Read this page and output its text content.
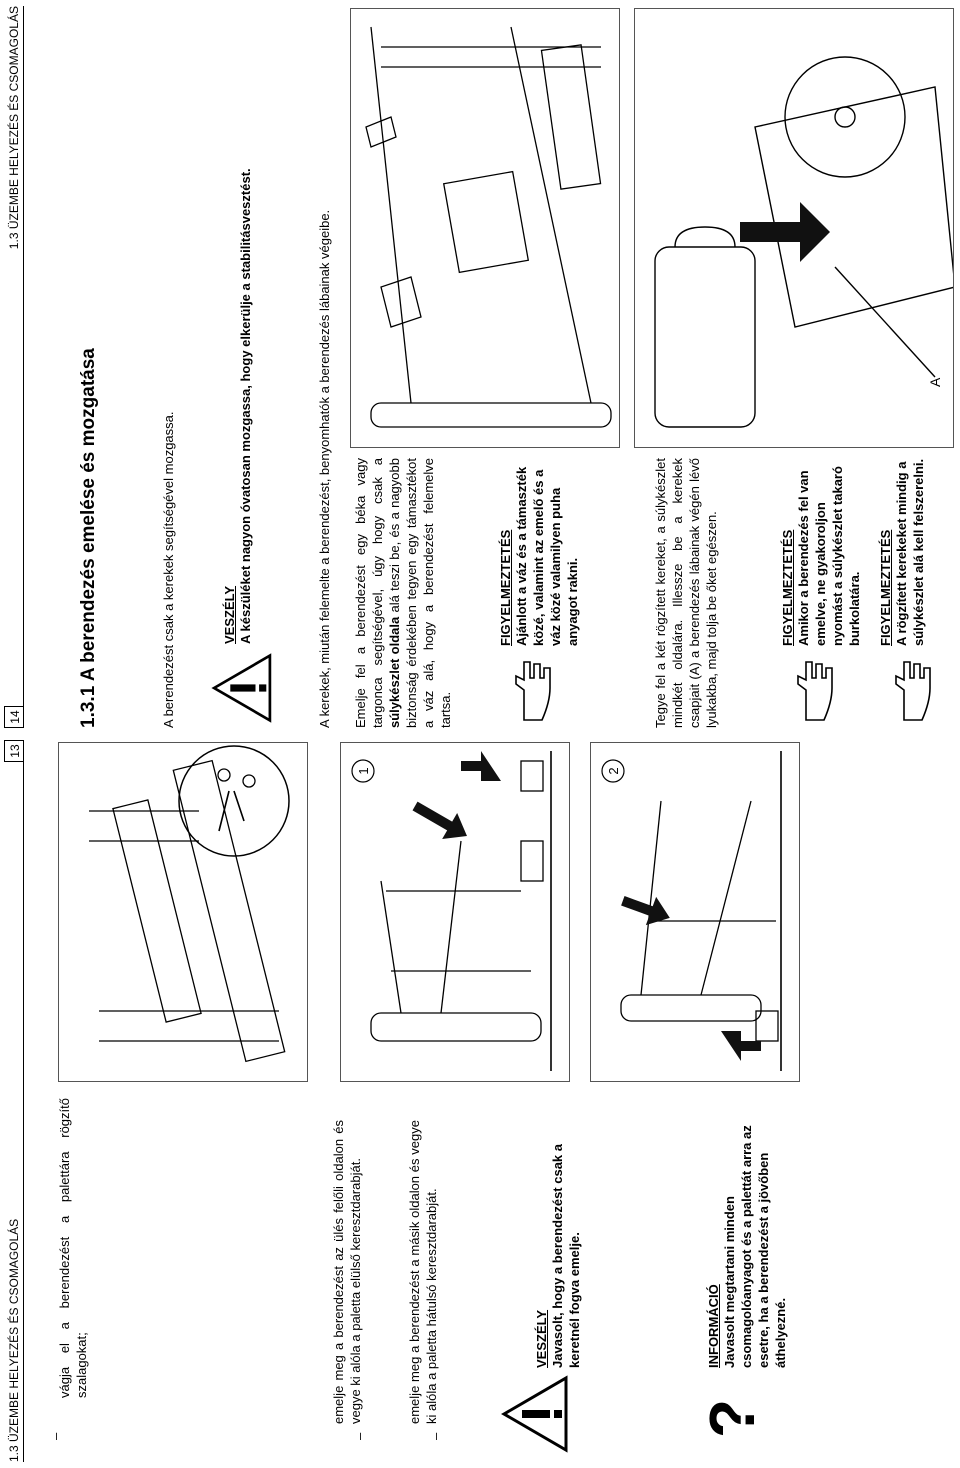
1.3 ÜZEMBE HELYEZÉS ÉS CSOMAGOLÁS
13
–
vágja el a berendezést a palettára rögzítő szalagokat;
–
emelje meg a berendezést az ülés felőli oldalon és vegye ki alóla a paletta elülső keresztdarabját.
–
emelje meg a berendezést a másik oldalon és vegye ki alóla a paletta hátulsó keresztdarabját.
1	2
VESZÉLY Javasolt, hogy a berendezést csak a keretnél fogva emelje.
?
INFORMÁCIÓ Javasolt megtartani minden csomagolóanyagot és a palettát arra az esetre, ha a berendezést a jövőben áthelyezné.
14
1.3 ÜZEMBE HELYEZÉS ÉS CSOMAGOLÁS
1.3.1 A berendezés emelése és mozgatása	A berendezést csak a kerekek segítségével mozgassa.	VESZÉLY A készüléket nagyon óvatosan mozgassa, hogy elkerülje a stabilitásvesztést.	A kerekek, miután felemelte a berendezést, benyomhatók a berendezés lábainak végeibe. Emelje fel a berendezést egy béka vagy targonca segítségével, úgy hogy csak a súlykészlet oldala alá teszi be, és a nagyobb biztonság érdekében tegyen egy támasztékot a váz alá, hogy a berendezést felemelve tartsa.
FIGYELMEZTETÉS Ajánlott a váz és a támaszték közé, valamint az emelő és a váz közé valamilyen puha anyagot rakni.	Tegye fel a két rögzített kereket, a súlykészlet mindkét oldalára. Illessze be a kerekek csapjait (A) a berendezés lábainak végén lévő lyukakba, majd tolja be őket egészen.
A
FIGYELMEZTETÉS Amikor a berendezés fel van emelve, ne gyakoroljon nyomást a súlykészlet takaró burkolatára. FIGYELMEZTETÉS A rögzített kerekeket mindig a súlykészlet alá kell felszerelni.
